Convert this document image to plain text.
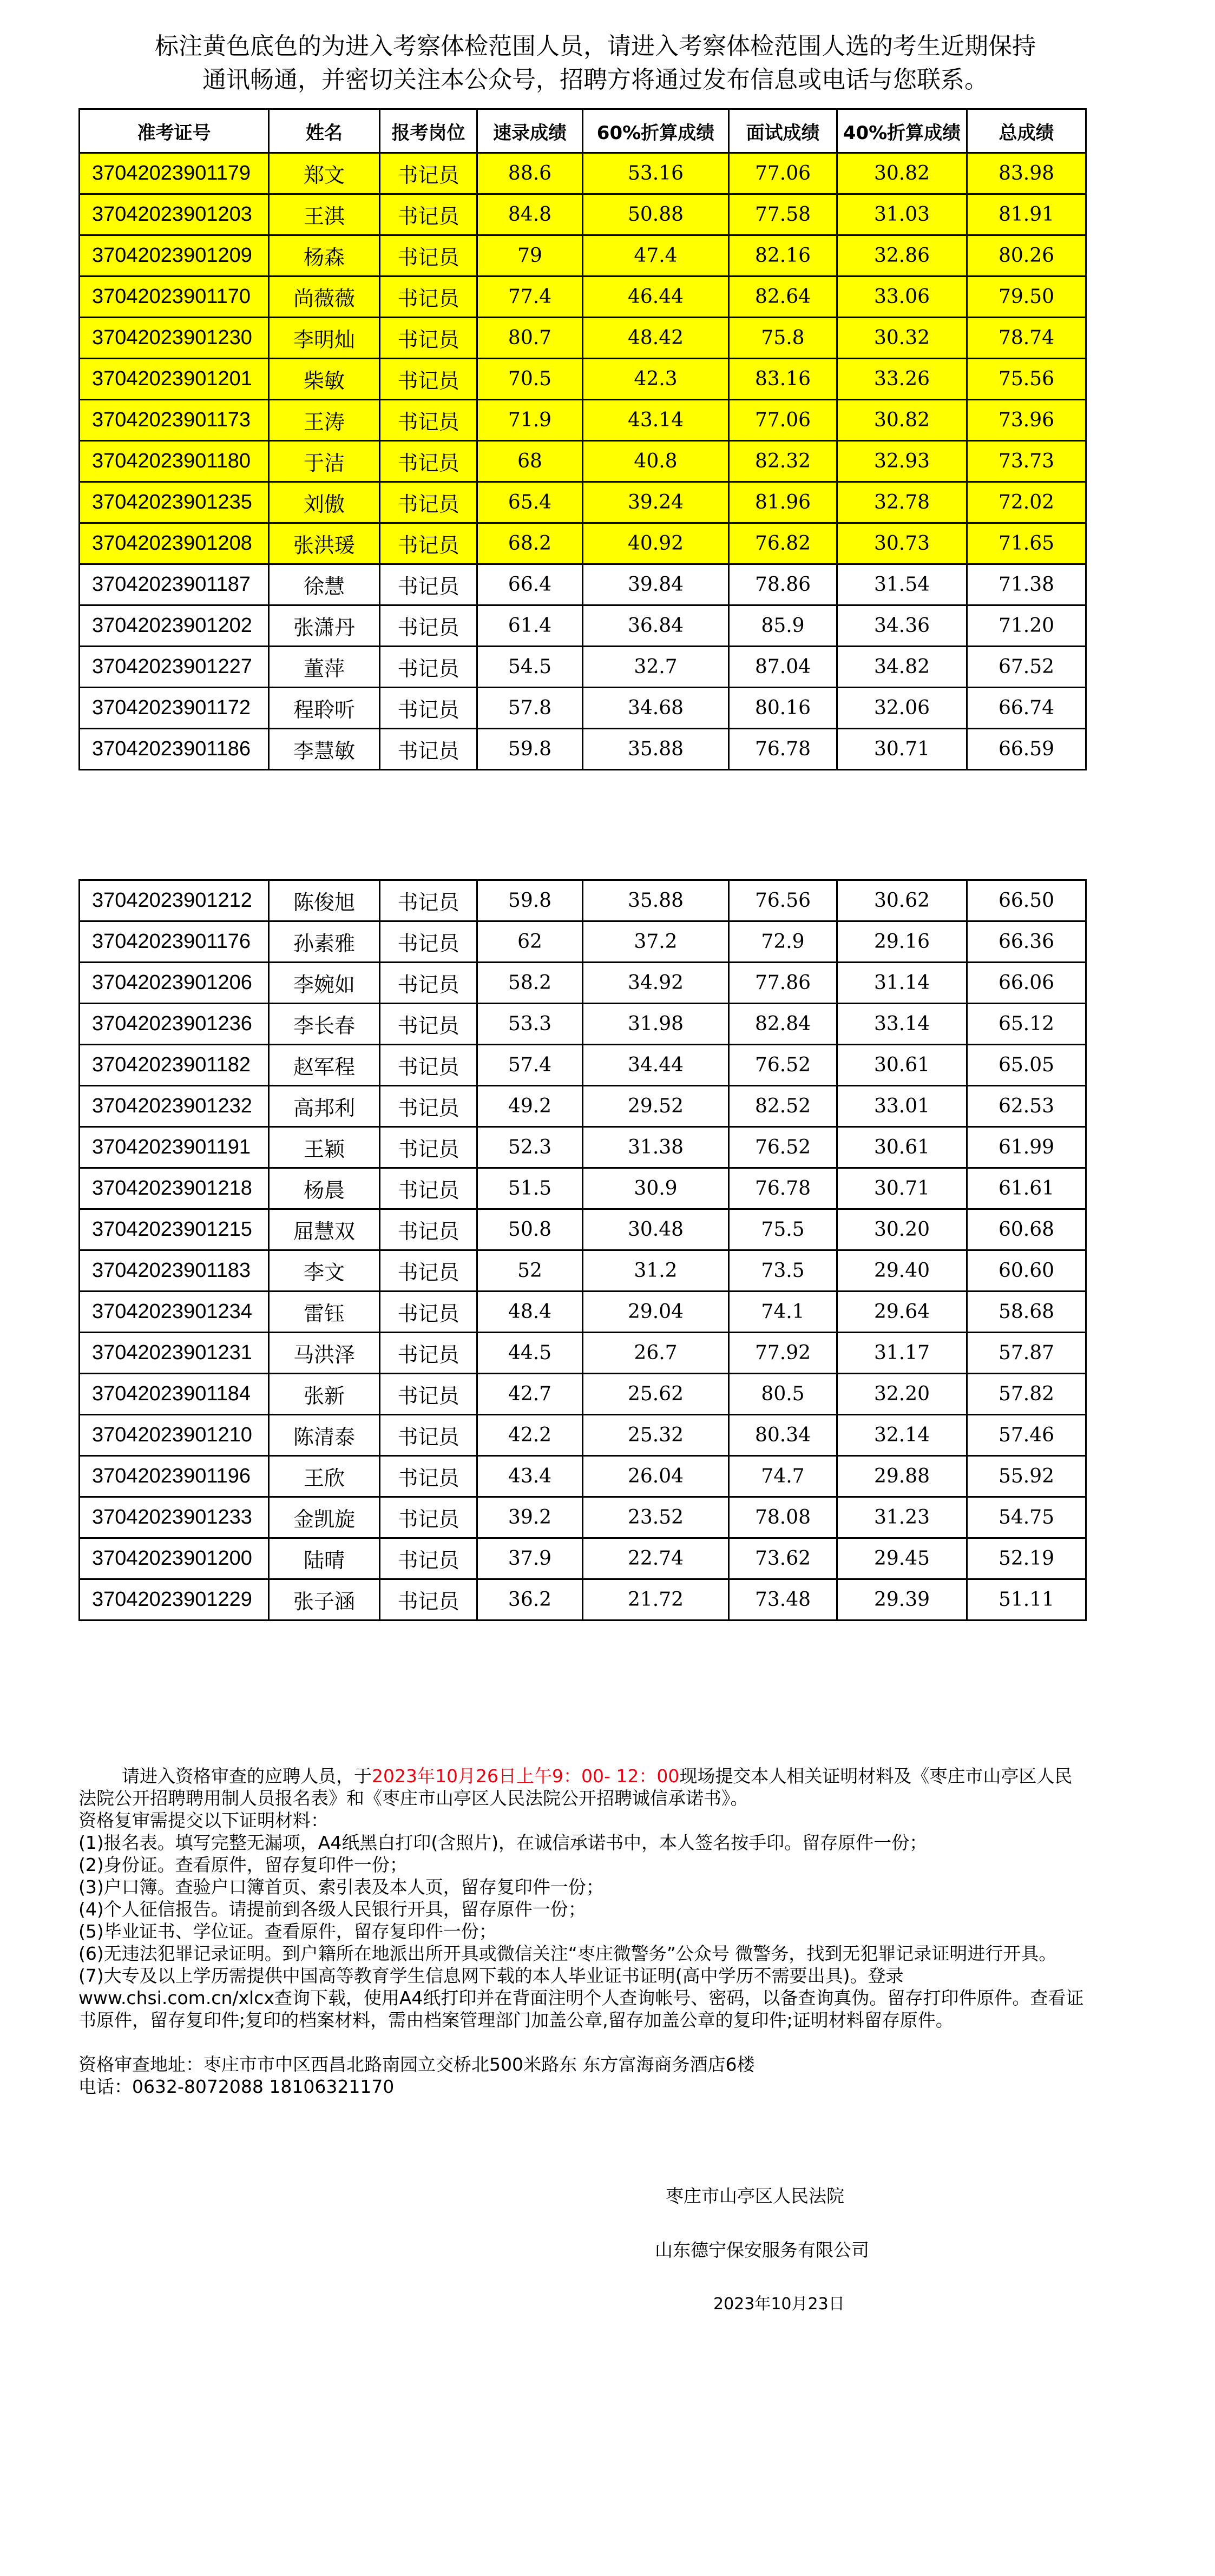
标注黄色底色的为进入考察体检范围人员，请进入考察体检范围人选的考生近期保持
通讯畅通，并密切关注本公众号，招聘方将通过发布信息或电话与您联系。
准考证号	姓名	报考岗位	速录成绩	60%折算成绩	面试成绩	40%折算成绩	总成绩
37042023901179	郑文	书记员	88.6	53.16	77.06	30.82	83.98
37042023901203	王淇	书记员	84.8	50.88	77.58	31.03	81.91
37042023901209	杨森	书记员	79	47.4	82.16	32.86	80.26
37042023901170	尚薇薇	书记员	77.4	46.44	82.64	33.06	79.50
37042023901230	李明灿	书记员	80.7	48.42	75.8	30.32	78.74
37042023901201	柴敏	书记员	70.5	42.3	83.16	33.26	75.56
37042023901173	王涛	书记员	71.9	43.14	77.06	30.82	73.96
37042023901180	于洁	书记员	68	40.8	82.32	32.93	73.73
37042023901235	刘傲	书记员	65.4	39.24	81.96	32.78	72.02
37042023901208	张洪瑗	书记员	68.2	40.92	76.82	30.73	71.65
37042023901187	徐慧	书记员	66.4	39.84	78.86	31.54	71.38
37042023901202	张潇丹	书记员	61.4	36.84	85.9	34.36	71.20
37042023901227	董萍	书记员	54.5	32.7	87.04	34.82	67.52
37042023901172	程聆听	书记员	57.8	34.68	80.16	32.06	66.74
37042023901186	李慧敏	书记员	59.8	35.88	76.78	30.71	66.59
37042023901212	陈俊旭	书记员	59.8	35.88	76.56	30.62	66.50
37042023901176	孙素雅	书记员	62	37.2	72.9	29.16	66.36
37042023901206	李婉如	书记员	58.2	34.92	77.86	31.14	66.06
37042023901236	李长春	书记员	53.3	31.98	82.84	33.14	65.12
37042023901182	赵军程	书记员	57.4	34.44	76.52	30.61	65.05
37042023901232	高邦利	书记员	49.2	29.52	82.52	33.01	62.53
37042023901191	王颖	书记员	52.3	31.38	76.52	30.61	61.99
37042023901218	杨晨	书记员	51.5	30.9	76.78	30.71	61.61
37042023901215	屈慧双	书记员	50.8	30.48	75.5	30.20	60.68
37042023901183	李文	书记员	52	31.2	73.5	29.40	60.60
37042023901234	雷钰	书记员	48.4	29.04	74.1	29.64	58.68
37042023901231	马洪泽	书记员	44.5	26.7	77.92	31.17	57.87
37042023901184	张新	书记员	42.7	25.62	80.5	32.20	57.82
37042023901210	陈清泰	书记员	42.2	25.32	80.34	32.14	57.46
37042023901196	王欣	书记员	43.4	26.04	74.7	29.88	55.92
37042023901233	金凯旋	书记员	39.2	23.52	78.08	31.23	54.75
37042023901200	陆晴	书记员	37.9	22.74	73.62	29.45	52.19
37042023901229	张子涵	书记员	36.2	21.72	73.48	29.39	51.11

请进入资格审查的应聘人员，于2023年10月26日上午9：00- 12：00现场提交本人相关证明材料及《枣庄市山亭区人民法院公开招聘聘用制人员报名表》和《枣庄市山亭区人民法院公开招聘诚信承诺书》。

资格复审需提交以下证明材料：

(1)报名表。填写完整无漏项，A4纸黑白打印(含照片)，在诚信承诺书中，本人签名按手印。留存原件一份；

(2)身份证。查看原件，留存复印件一份；

(3)户口簿。查验户口簿首页、索引表及本人页，留存复印件一份；

(4)个人征信报告。请提前到各级人民银行开具，留存原件一份；

(5)毕业证书、学位证。查看原件，留存复印件一份；

(6)无违法犯罪记录证明。到户籍所在地派出所开具或微信关注“枣庄微警务”公众号 微警务，找到无犯罪记录证明进行开具。

(7)大专及以上学历需提供中国高等教育学生信息网下载的本人毕业证书证明(高中学历不需要出具)。登录www.chsi.com.cn/xlcx查询下载，使用A4纸打印并在背面注明个人查询帐号、密码，以备查询真伪。留存打印件原件。查看证书原件，留存复印件;复印的档案材料，需由档案管理部门加盖公章,留存加盖公章的复印件;证明材料留存原件。

资格审查地址：枣庄市市中区西昌北路南园立交桥北500米路东 东方富海商务酒店6楼

电话：0632-8072088 18106321170

枣庄市山亭区人民法院
山东德宁保安服务有限公司
2023年10月23日
